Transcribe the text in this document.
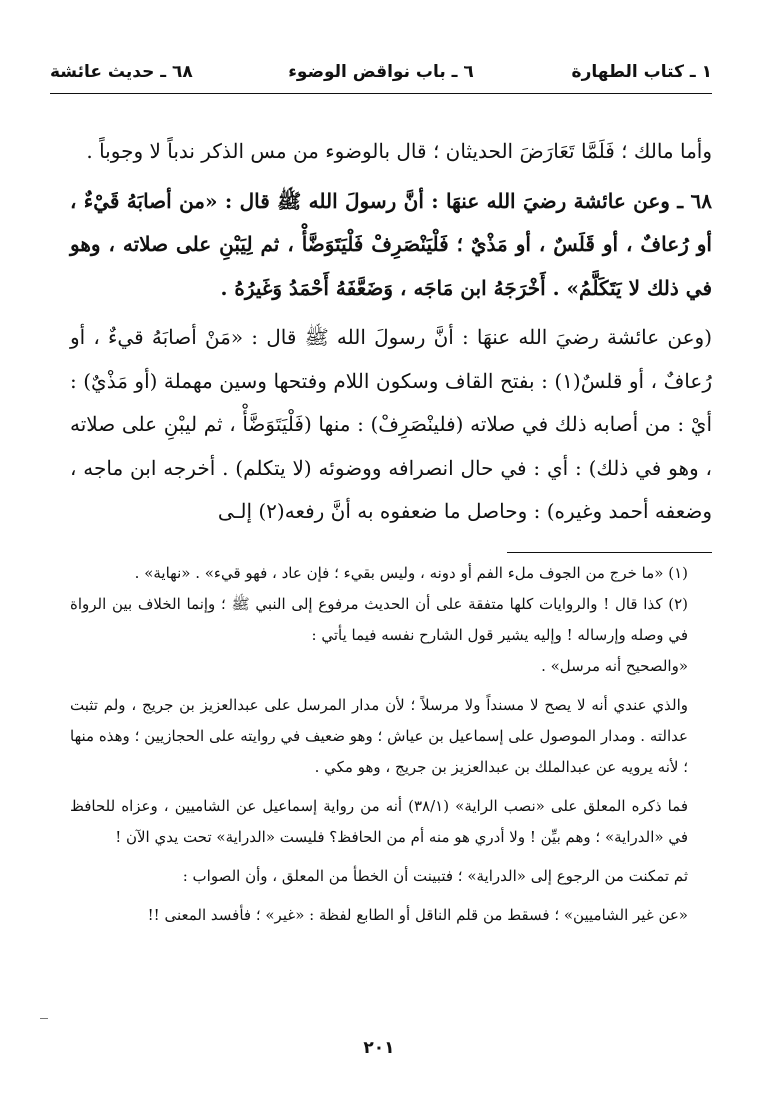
١ ـ كتاب الطهارة
٦ ـ باب نواقض الوضوء
٦٨ ـ حديث عائشة

وأما مالك ؛ فَلَمَّا تَعَارَضَ الحديثان ؛ قال بالوضوء من مس الذكر ندباً لا وجوباً .

٦٨ ـ وعن عائشة رضيَ الله عنهَا : أنَّ رسولَ الله ﷺ قال : «من أصابَهُ قَيْءٌ ، أو رُعافٌ ، أو قَلَسٌ ، أو مَذْيٌ ؛ فَلْيَنْصَرِفْ فَلْيَتَوَضَّأْ ، ثم لِيَبْنِ على صلاته ، وهو في ذلك لا يَتَكَلَّمُ» . أَخْرَجَهُ ابن مَاجَه ، وَضَعَّفَهُ أَحْمَدُ وَغَيرُهُ .

(وعن عائشة رضيَ الله عنهَا : أنَّ رسولَ الله ﷺ قال : «مَنْ أصابَهُ قيءٌ ، أو رُعافٌ ، أو قلسٌ(١) : بفتح القاف وسكون اللام وفتحها وسين مهملة (أو مَذْيٌ) : أيْ : من أصابه ذلك في صلاته (فلينْصَرِفْ) : منها (فَلْيَتَوَضَّأْ ، ثم ليبْنِ على صلاته ، وهو في ذلك) : أي : في حال انصرافه ووضوئه (لا يتكلم) . أخرجه ابن ماجه ، وضعفه أحمد وغيره) : وحاصل ما ضعفوه به أنَّ رفعه(٢) إلـى

(١) «ما خرج من الجوف ملء الفم أو دونه ، وليس بقيء ؛ فإن عاد ، فهو قيء» . «نهاية» .

(٢) كذا قال ! والروايات كلها متفقة على أن الحديث مرفوع إلى النبي ﷺ ؛ وإنما الخلاف بين الرواة في وصله وإرساله ! وإليه يشير قول الشارح نفسه فيما يأتي :

«والصحيح أنه مرسل» .

والذي عندي أنه لا يصح لا مسنداً ولا مرسلاً ؛ لأن مدار المرسل على عبدالعزيز بن جريج ، ولم تثبت عدالته . ومدار الموصول على إسماعيل بن عياش ؛ وهو ضعيف في روايته على الحجازيين ؛ وهذه منها ؛ لأنه يرويه عن عبدالملك بن عبدالعزيز بن جريج ، وهو مكي .

فما ذكره المعلق على «نصب الراية» (٣٨/١) أنه من رواية إسماعيل عن الشاميين ، وعزاه للحافظ في «الدراية» ؛ وهم بيِّن ! ولا أدري هو منه أم من الحافظ؟ فليست «الدراية» تحت يدي الآن !

ثم تمكنت من الرجوع إلى «الدراية» ؛ فتبينت أن الخطأ من المعلق ، وأن الصواب :

«عن غير الشاميين» ؛ فسقط من قلم الناقل أو الطابع لفظة : «غير» ؛ فأفسد المعنى !!

٢٠١
